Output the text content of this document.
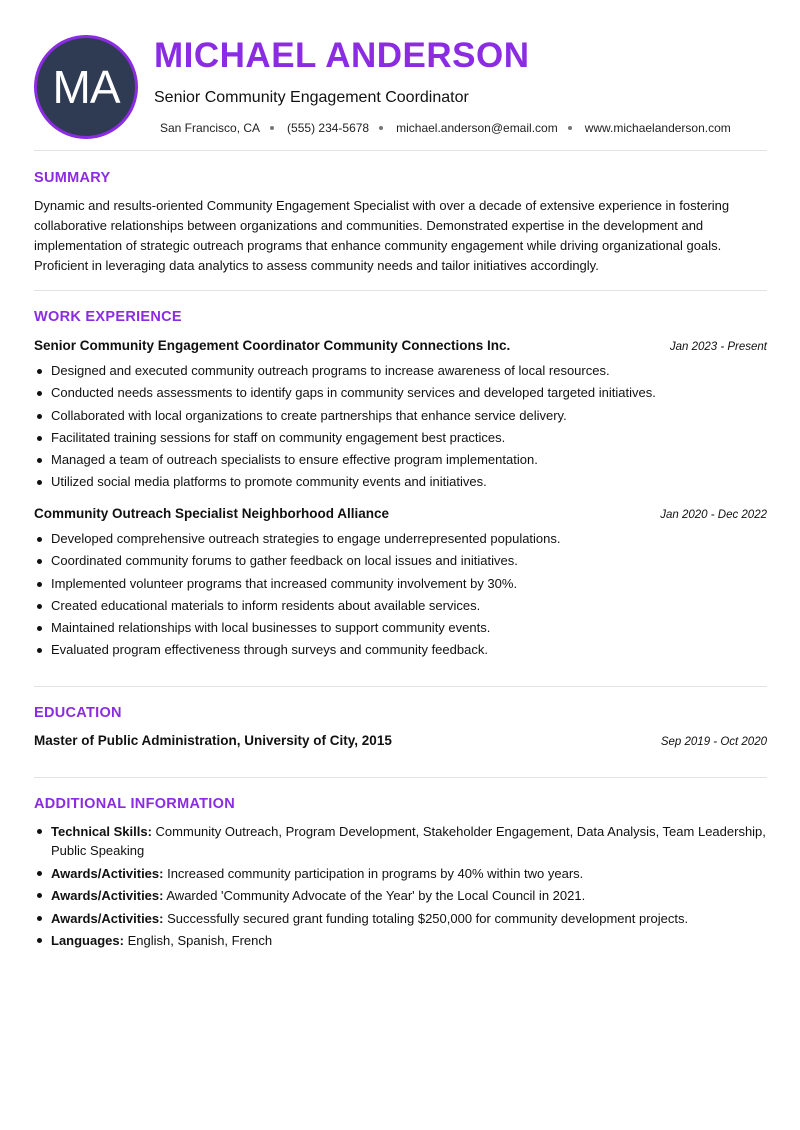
MA
MICHAEL ANDERSON
Senior Community Engagement Coordinator
San Francisco, CA (555) 234-5678 michael.anderson@email.com www.michaelanderson.com
SUMMARY

Dynamic and results-oriented Community Engagement Specialist with over a decade of extensive experience in fostering collaborative relationships between organizations and communities. Demonstrated expertise in the development and implementation of strategic outreach programs that enhance community engagement while driving organizational goals. Proficient in leveraging data analytics to assess community needs and tailor initiatives accordingly.

WORK EXPERIENCE
Senior Community Engagement Coordinator Community Connections Inc.	Jan 2023 - Present
Designed and executed community outreach programs to increase awareness of local resources.
Conducted needs assessments to identify gaps in community services and developed targeted initiatives.
Collaborated with local organizations to create partnerships that enhance service delivery.
Facilitated training sessions for staff on community engagement best practices.
Managed a team of outreach specialists to ensure effective program implementation.
Utilized social media platforms to promote community events and initiatives.
Community Outreach Specialist Neighborhood Alliance	Jan 2020 - Dec 2022
Developed comprehensive outreach strategies to engage underrepresented populations.
Coordinated community forums to gather feedback on local issues and initiatives.
Implemented volunteer programs that increased community involvement by 30%.
Created educational materials to inform residents about available services.
Maintained relationships with local businesses to support community events.
Evaluated program effectiveness through surveys and community feedback.
EDUCATION
Master of Public Administration, University of City, 2015	Sep 2019 - Oct 2020
ADDITIONAL INFORMATION
Technical Skills: Community Outreach, Program Development, Stakeholder Engagement, Data Analysis, Team Leadership, Public Speaking
Awards/Activities: Increased community participation in programs by 40% within two years.
Awards/Activities: Awarded 'Community Advocate of the Year' by the Local Council in 2021.
Awards/Activities: Successfully secured grant funding totaling $250,000 for community development projects.
Languages: English, Spanish, French
